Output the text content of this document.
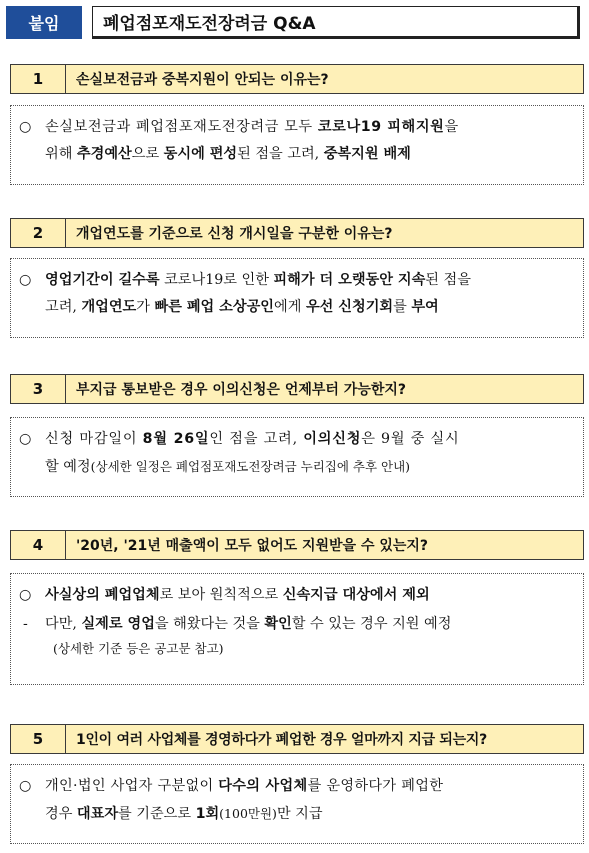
붙임	폐업점포재도전장려금 Q&A
1	손실보전금과 중복지원이 안되는 이유는?
○ 손실보전금과 폐업점포재도전장려금 모두 코로나19 피해지원을
위해 추경예산으로 동시에 편성된 점을 고려, 중복지원 배제
2	개업연도를 기준으로 신청 개시일을 구분한 이유는?
○ 영업기간이 길수록 코로나19로 인한 피해가 더 오랫동안 지속된 점을
고려, 개업연도가 빠른 폐업 소상공인에게 우선 신청기회를 부여
3	부지급 통보받은 경우 이의신청은 언제부터 가능한지?
○ 신청 마감일이 8월 26일인 점을 고려, 이의신청은 9월 중 실시
할 예정(상세한 일정은 폐업점포재도전장려금 누리집에 추후 안내)
4	'20년, '21년 매출액이 모두 없어도 지원받을 수 있는지?
○ 사실상의 폐업업체로 보아 원칙적으로 신속지급 대상에서 제외
-	다만, 실제로 영업을 해왔다는 것을 확인할 수 있는 경우 지원 예정
(상세한 기준 등은 공고문 참고)
5	1인이 여러 사업체를 경영하다가 폐업한 경우 얼마까지 지급 되는지?
○ 개인·법인 사업자 구분없이 다수의 사업체를 운영하다가 폐업한
경우 대표자를 기준으로 1회(100만원)만 지급
